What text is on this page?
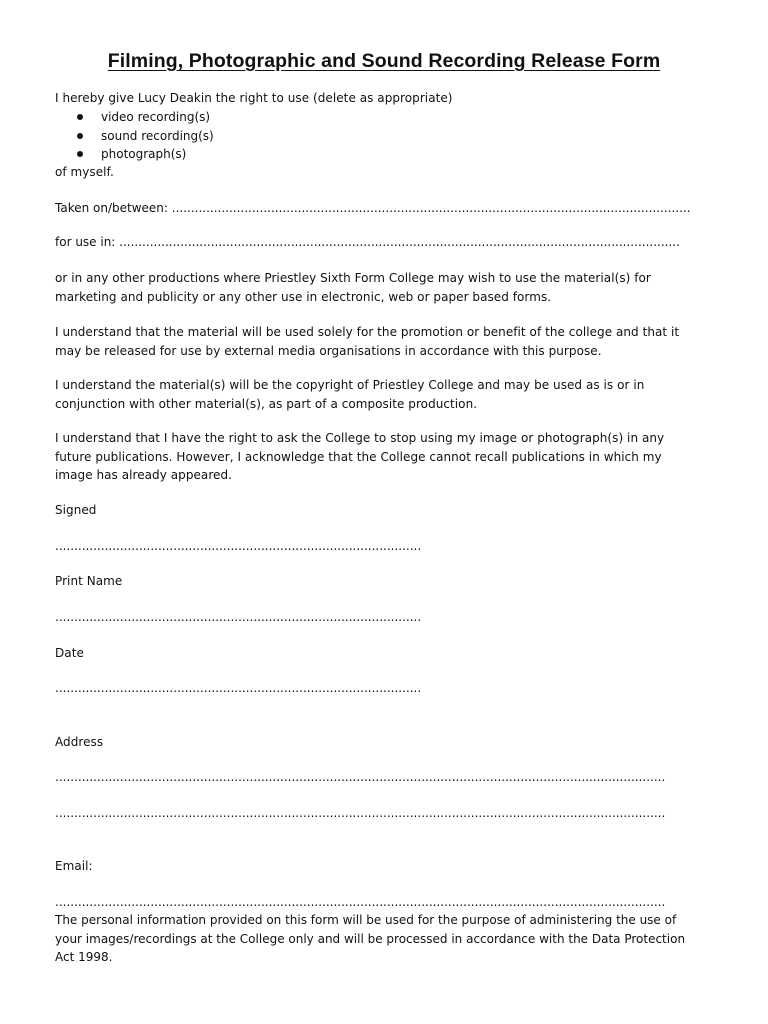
Filming, Photographic and Sound Recording Release Form
I hereby give Lucy Deakin the right to use (delete as appropriate)
video recording(s)
sound recording(s)
photograph(s)
of myself.
Taken on/between: ........................................................................................................................................
for use in: ...................................................................................................................................................
or in any other productions where Priestley Sixth Form College may wish to use the material(s) for
marketing and publicity or any other use in electronic, web or paper based forms.
I understand that the material will be used solely for the promotion or benefit of the college and that it
may be released for use by external media organisations in accordance with this purpose.
I understand the material(s) will be the copyright of Priestley College and may be used as is or in
conjunction with other material(s), as part of a composite production.
I understand that I have the right to ask the College to stop using my image or photograph(s) in any
future publications. However, I acknowledge that the College cannot recall publications in which my
image has already appeared.
Signed
................................................................................................
Print Name
................................................................................................
Date
................................................................................................
Address
................................................................................................................................................................
................................................................................................................................................................
Email:
................................................................................................................................................................
The personal information provided on this form will be used for the purpose of administering the use of
your images/recordings at the College only and will be processed in accordance with the Data Protection
Act 1998.
